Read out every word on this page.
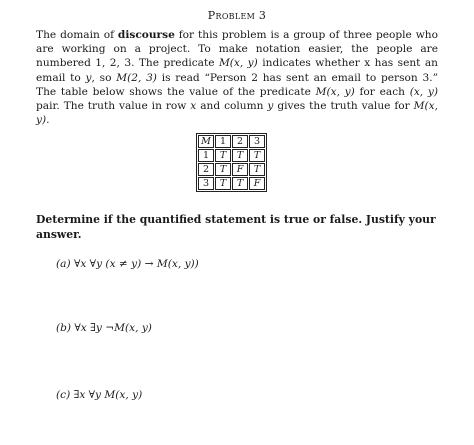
Problem 3
The domain of discourse for this problem is a group of three people who are working on a project. To make notation easier, the people are numbered 1, 2, 3. The predicate M(x, y) indicates whether x has sent an email to y, so M(2, 3) is read “Person 2 has sent an email to person 3.” The table below shows the value of the predicate M(x, y) for each (x, y) pair. The truth value in row x and column y gives the truth value for M(x, y).
M	1	2	3
1	T	T	T
2	T	F	T
3	T	T	F
Determine if the quantified statement is true or false. Justify your answer.
(a) ∀x ∀y (x ≠ y) → M(x, y))
(b) ∀x ∃y ¬M(x, y)
(c) ∃x ∀y M(x, y)
